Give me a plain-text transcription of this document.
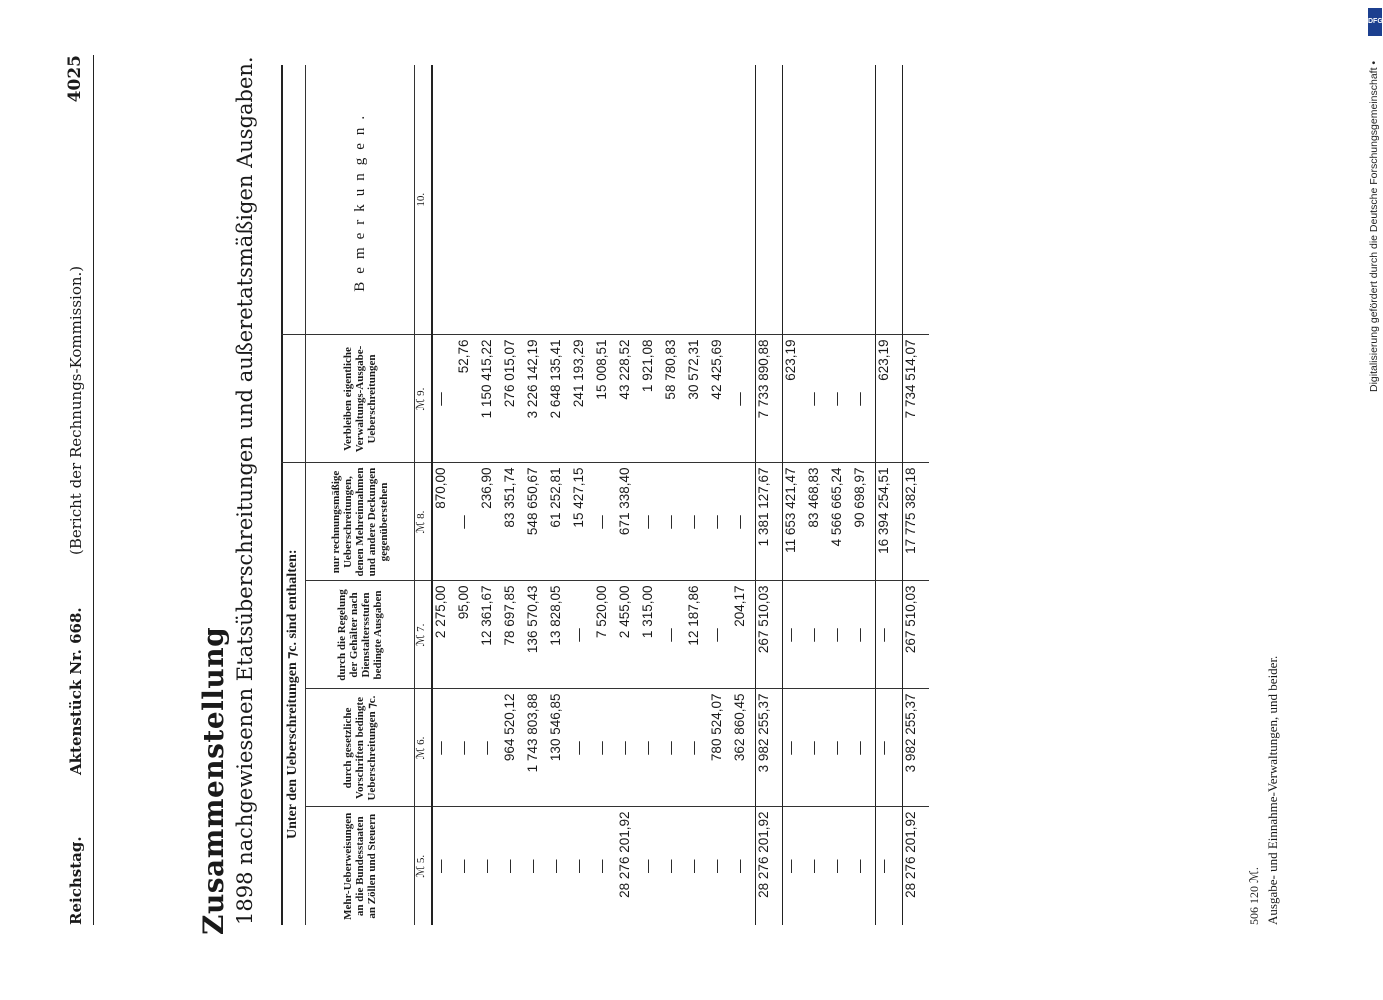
Reichstag.
Aktenstück Nr. 668.
(Bericht der Rechnungs-Kommission.)
4025
Zusammenstellung 1898 nachgewiesenen Etatsüberschreitungen und außeretatsmäßigen Ausgaben. Unter den Ueberschreitungen ⁊c. sind enthalten:					
Mehr-Ueberweisungen an die Bundesstaaten an Zöllen und Steuern	durch gesetzliche Vorschriften bedingte Ueberschreitungen ⁊c.	durch die Regelung der Gehälter nach Dienstaltersstufen bedingte Ausgaben	nur rechnungsmäßige Ueberschreitungen, denen Mehreinnahmen und andere Deckungen gegenüberstehen	Verbleiben eigentliche Verwaltungs-Ausgabe-Ueberschreitungen	Bemerkungen.
ℳ 5.	ℳ 6.	ℳ 7.	ℳ 8.	ℳ 9.	10.
—	—	2 275,00	870,00	—	
—	—	95,00	—	52,76	
—	—	12 361,67	236,90	1 150 415,22	
—	964 520,12	78 697,85	83 351,74	276 015,07	
—	1 743 803,88	136 570,43	548 650,67	3 226 142,19	
—	130 546,85	13 828,05	61 252,81	2 648 135,41	
—	—	—	15 427,15	241 193,29	
—	—	7 520,00	—	15 008,51	
28 276 201,92	—	2 455,00	671 338,40	43 228,52	
—	—	1 315,00	—	1 921,08	
—	—	—	—	58 780,83	
—	—	12 187,86	—	30 572,31	
—	780 524,07	—	—	42 425,69	
—	362 860,45	204,17	—	—	
28 276 201,92	3 982 255,37	267 510,03	1 381 127,67	7 733 890,88	
—	—	—	11 653 421,47	623,19	
—	—	—	83 468,83	—	
—	—	—	4 566 665,24	—	
—	—	—	90 698,97	—	
—	—	—	16 394 254,51	623,19	
28 276 201,92	3 982 255,37	267 510,03	17 775 382,18	7 734 514,07	
506 120 ℳ. Ausgabe- und Einnahme-Verwaltungen, und beider.
DFG
Digitalisierung gefördert durch die Deutsche Forschungsgemeinschaft •
